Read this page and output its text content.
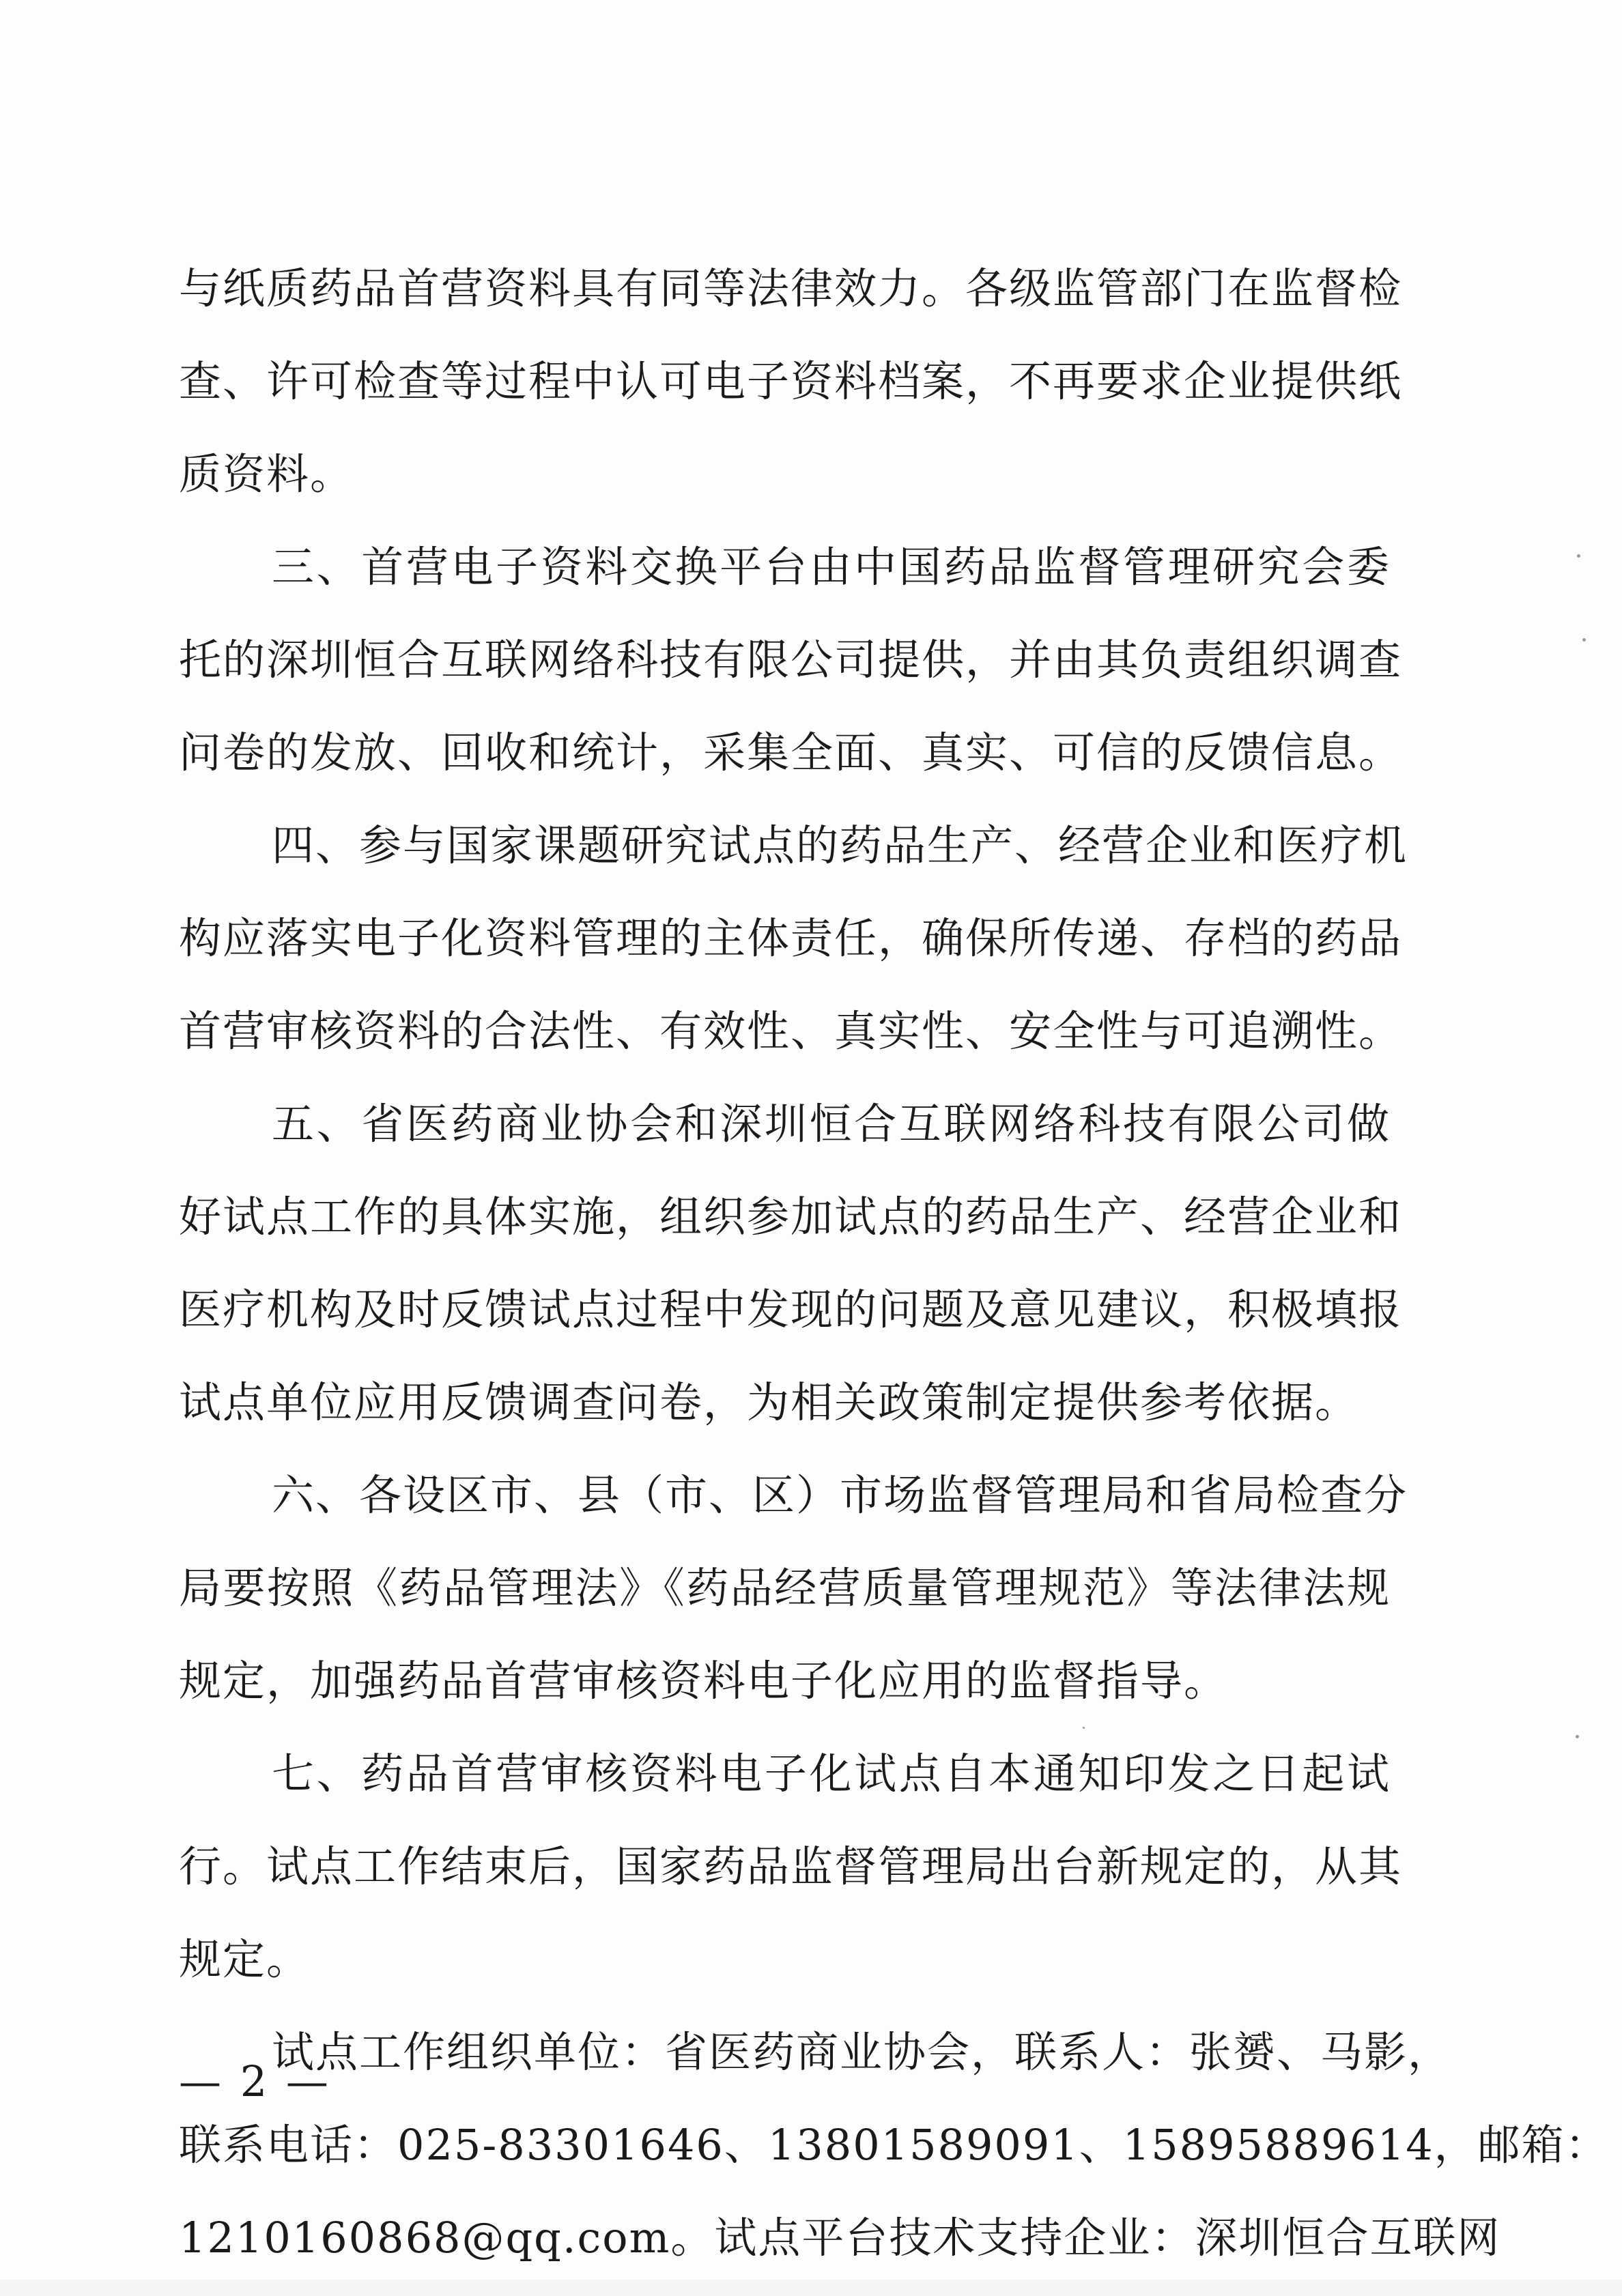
与纸质药品首营资料具有同等法律效力。各级监管部门在监督检
查、许可检查等过程中认可电子资料档案，不再要求企业提供纸
质资料。
三、首营电子资料交换平台由中国药品监督管理研究会委
托的深圳恒合互联网络科技有限公司提供，并由其负责组织调查
问卷的发放、回收和统计，采集全面、真实、可信的反馈信息。
四、参与国家课题研究试点的药品生产、经营企业和医疗机
构应落实电子化资料管理的主体责任，确保所传递、存档的药品
首营审核资料的合法性、有效性、真实性、安全性与可追溯性。
五、省医药商业协会和深圳恒合互联网络科技有限公司做
好试点工作的具体实施，组织参加试点的药品生产、经营企业和
医疗机构及时反馈试点过程中发现的问题及意见建议，积极填报
试点单位应用反馈调查问卷，为相关政策制定提供参考依据。
六、各设区市、县（市、区）市场监督管理局和省局检查分
局要按照《药品管理法》《药品经营质量管理规范》等法律法规
规定，加强药品首营审核资料电子化应用的监督指导。
七、药品首营审核资料电子化试点自本通知印发之日起试
行。试点工作结束后，国家药品监督管理局出台新规定的，从其
规定。
试点工作组织单位：省医药商业协会，联系人：张赟、马影，
联系电话：025-83301646、13801589091、15895889614，邮箱：
1210160868@qq.com。试点平台技术支持企业：深圳恒合互联网
— 2 —
